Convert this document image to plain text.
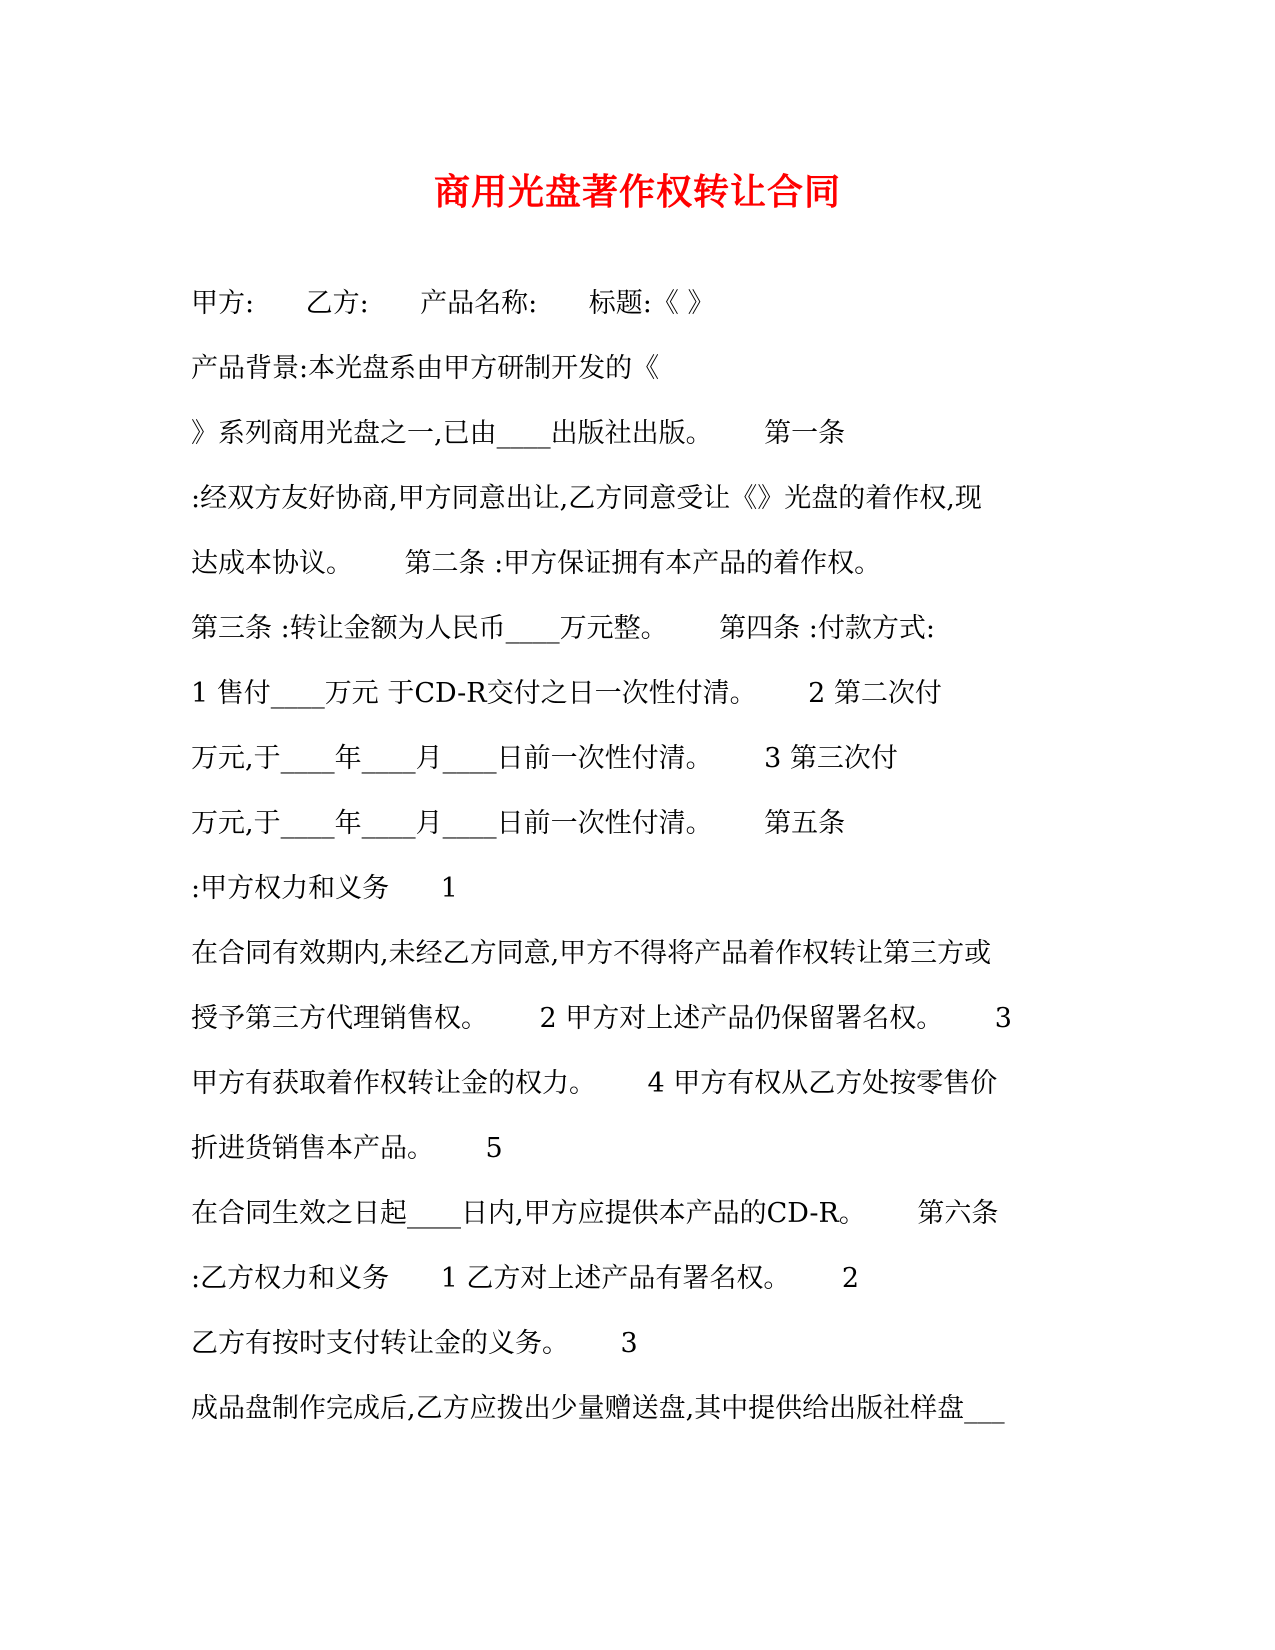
商用光盘著作权转让合同
甲方:      乙方:      产品名称:      标题:《 》
产品背景:本光盘系由甲方研制开发的《
》系列商用光盘之一,已由____出版社出版。      第一条
:经双方友好协商,甲方同意出让,乙方同意受让《》光盘的着作权,现
达成本协议。      第二条 :甲方保证拥有本产品的着作权。
第三条 :转让金额为人民币____万元整。      第四条 :付款方式:
1 售付____万元 于CD-R交付之日一次性付清。      2 第二次付
万元,于____年____月____日前一次性付清。      3 第三次付
万元,于____年____月____日前一次性付清。      第五条
:甲方权力和义务      1
在合同有效期内,未经乙方同意,甲方不得将产品着作权转让第三方或
授予第三方代理销售权。      2 甲方对上述产品仍保留署名权。      3
甲方有获取着作权转让金的权力。      4 甲方有权从乙方处按零售价
折进货销售本产品。      5
在合同生效之日起____日内,甲方应提供本产品的CD-R。      第六条
:乙方权力和义务      1 乙方对上述产品有署名权。      2
乙方有按时支付转让金的义务。      3
成品盘制作完成后,乙方应拨出少量赠送盘,其中提供给出版社样盘___
